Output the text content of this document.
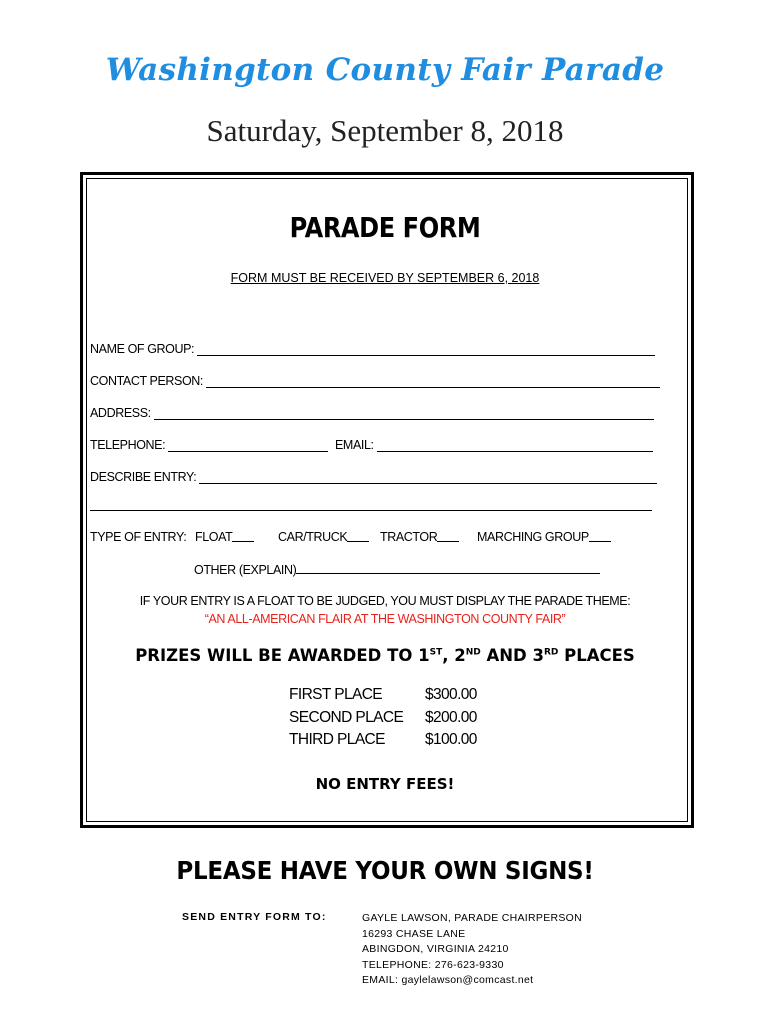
Washington County Fair Parade
Saturday, September 8, 2018
PARADE FORM
FORM MUST BE RECEIVED BY SEPTEMBER 6, 2018
NAME OF GROUP:
CONTACT PERSON:
ADDRESS:
TELEPHONE:	EMAIL:
DESCRIBE ENTRY:
TYPE OF ENTRY: FLOAT	CAR/TRUCK	TRACTOR	MARCHING GROUP
OTHER (EXPLAIN)
IF YOUR ENTRY IS A FLOAT TO BE JUDGED, YOU MUST DISPLAY THE PARADE THEME:
“AN ALL-AMERICAN FLAIR AT THE WASHINGTON COUNTY FAIR”
PRIZES WILL BE AWARDED TO 1ST, 2ND AND 3RD PLACES
FIRST PLACE	$300.00
SECOND PLACE $200.00
THIRD PLACE	$100.00
NO ENTRY FEES!
PLEASE HAVE YOUR OWN SIGNS!
SEND ENTRY FORM TO:	GAYLE LAWSON, PARADE CHAIRPERSON
16293 CHASE LANE
ABINGDON, VIRGINIA 24210
TELEPHONE: 276-623-9330
EMAIL: gaylelawson@comcast.net
